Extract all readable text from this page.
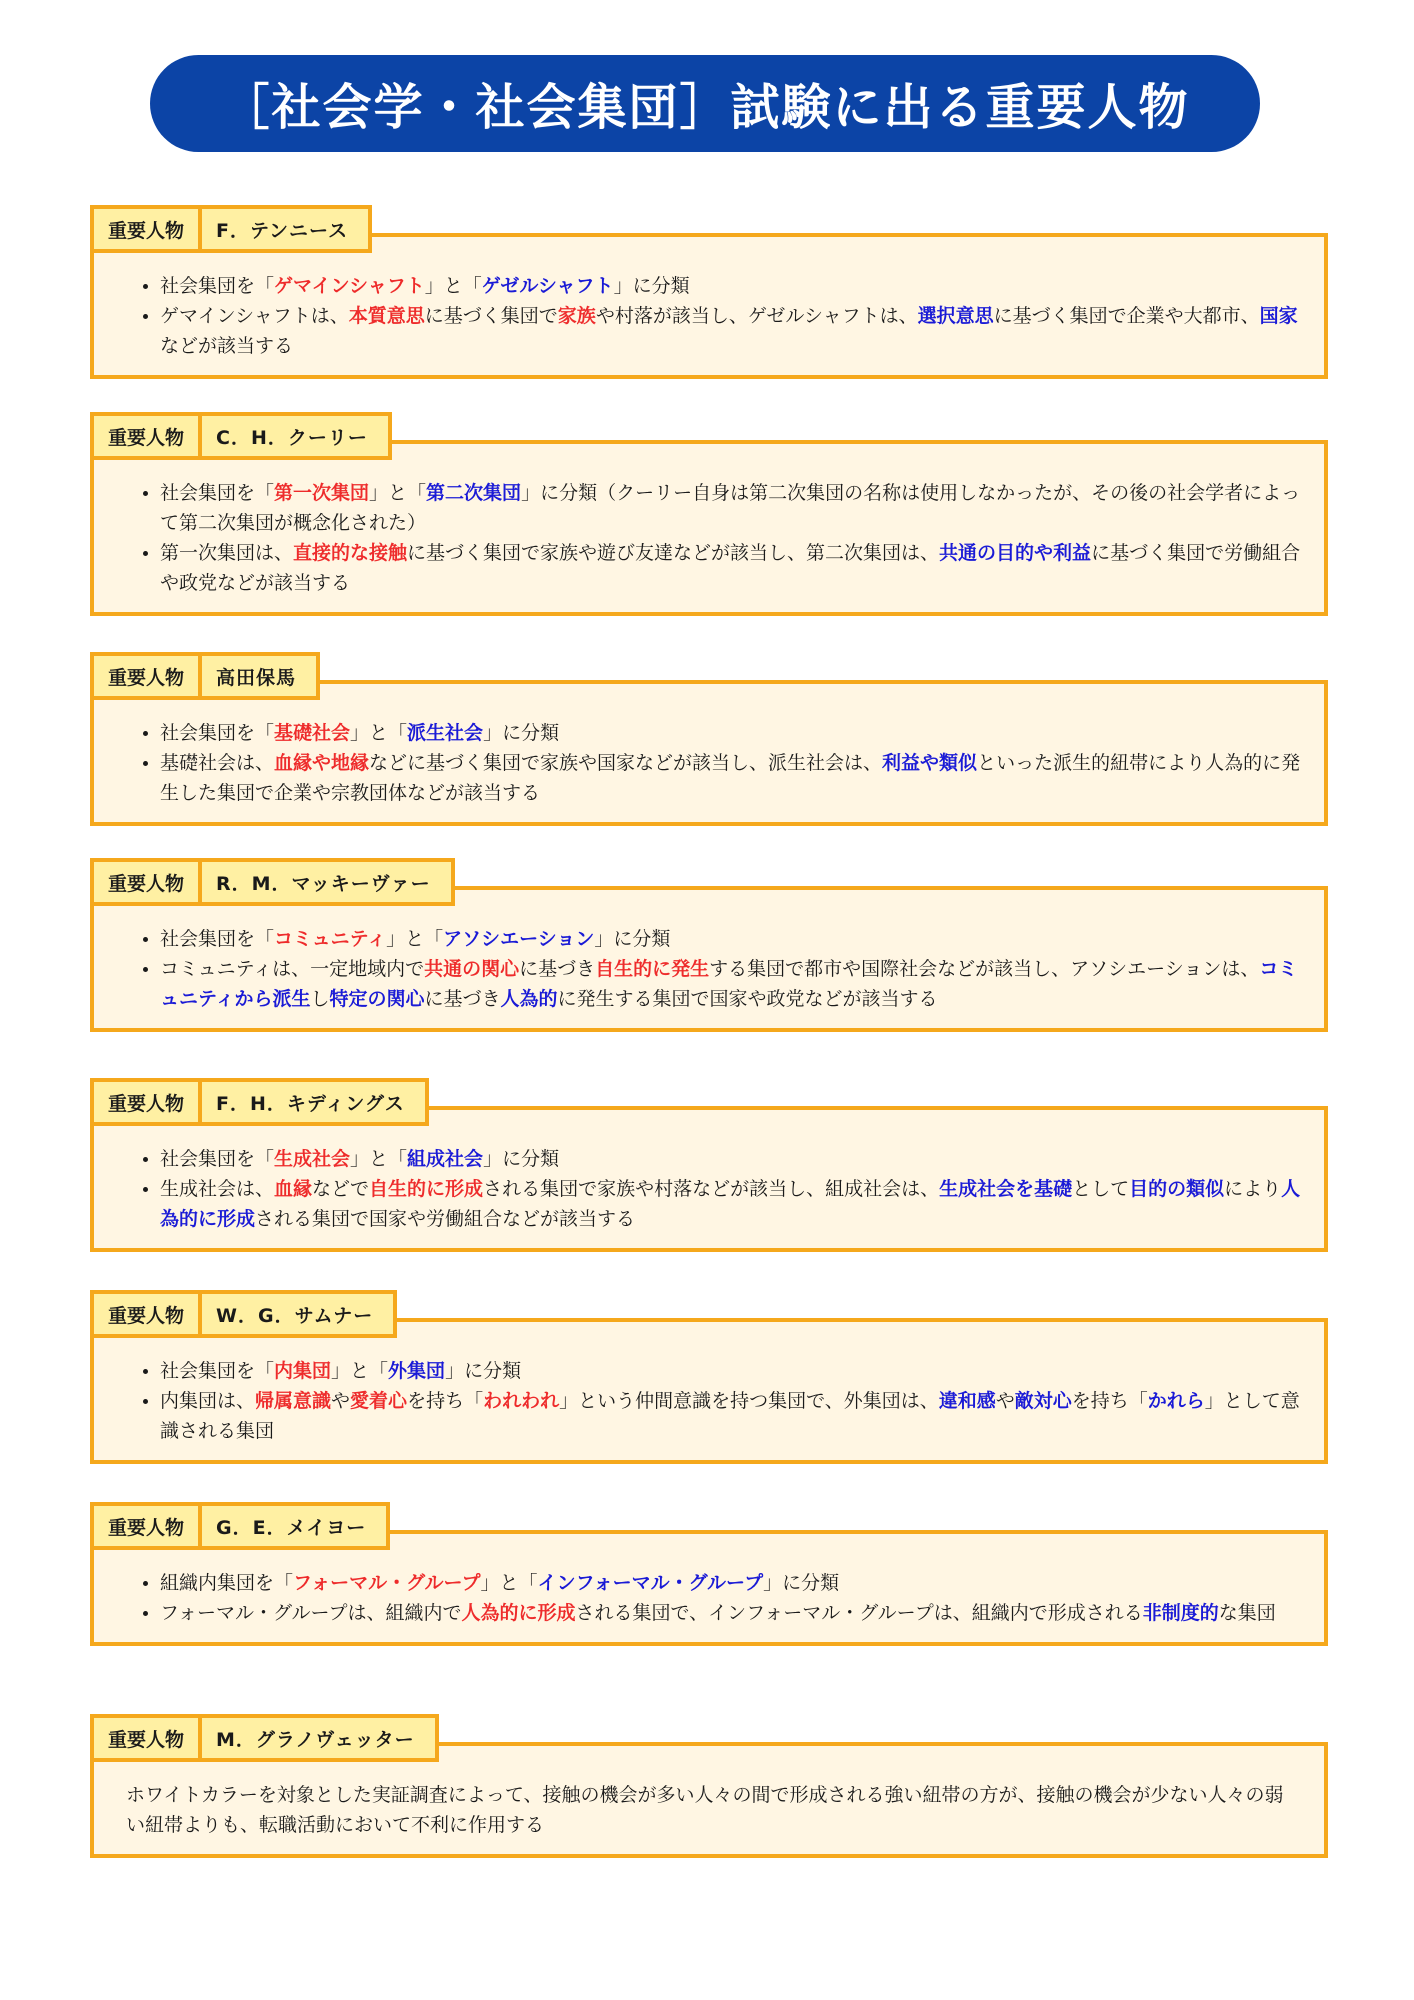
［社会学・社会集団］試験に出る重要人物
重要人物	F．テンニース
• 社会集団を「ゲマインシャフト」と「ゲゼルシャフト」に分類
• ゲマインシャフトは、本質意思に基づく集団で家族や村落が該当し、ゲゼルシャフトは、選択意思に基づく集団で企業や大都市、国家などが該当する
重要人物	C．H．クーリー
• 社会集団を「第一次集団」と「第二次集団」に分類（クーリー自身は第二次集団の名称は使用しなかったが、その後の社会学者によって第二次集団が概念化された）
• 第一次集団は、直接的な接触に基づく集団で家族や遊び友達などが該当し、第二次集団は、共通の目的や利益に基づく集団で労働組合や政党などが該当する
重要人物	高田保馬
• 社会集団を「基礎社会」と「派生社会」に分類
• 基礎社会は、血縁や地縁などに基づく集団で家族や国家などが該当し、派生社会は、利益や類似といった派生的紐帯により人為的に発生した集団で企業や宗教団体などが該当する
重要人物	R．M．マッキーヴァー
• 社会集団を「コミュニティ」と「アソシエーション」に分類
• コミュニティは、一定地域内で共通の関心に基づき自生的に発生する集団で都市や国際社会などが該当し、アソシエーションは、コミュニティから派生し特定の関心に基づき人為的に発生する集団で国家や政党などが該当する
重要人物	F．H．キディングス
• 社会集団を「生成社会」と「組成社会」に分類
• 生成社会は、血縁などで自生的に形成される集団で家族や村落などが該当し、組成社会は、生成社会を基礎として目的の類似により人為的に形成される集団で国家や労働組合などが該当する
重要人物	W．G．サムナー
• 社会集団を「内集団」と「外集団」に分類
• 内集団は、帰属意識や愛着心を持ち「われわれ」という仲間意識を持つ集団で、外集団は、違和感や敵対心を持ち「かれら」として意識される集団
重要人物	G．E．メイヨー
• 組織内集団を「フォーマル・グループ」と「インフォーマル・グループ」に分類
• フォーマル・グループは、組織内で人為的に形成される集団で、インフォーマル・グループは、組織内で形成される非制度的な集団
重要人物	M．グラノヴェッター

ホワイトカラーを対象とした実証調査によって、接触の機会が多い人々の間で形成される強い紐帯の方が、接触の機会が少ない人々の弱い紐帯よりも、転職活動において不利に作用する
